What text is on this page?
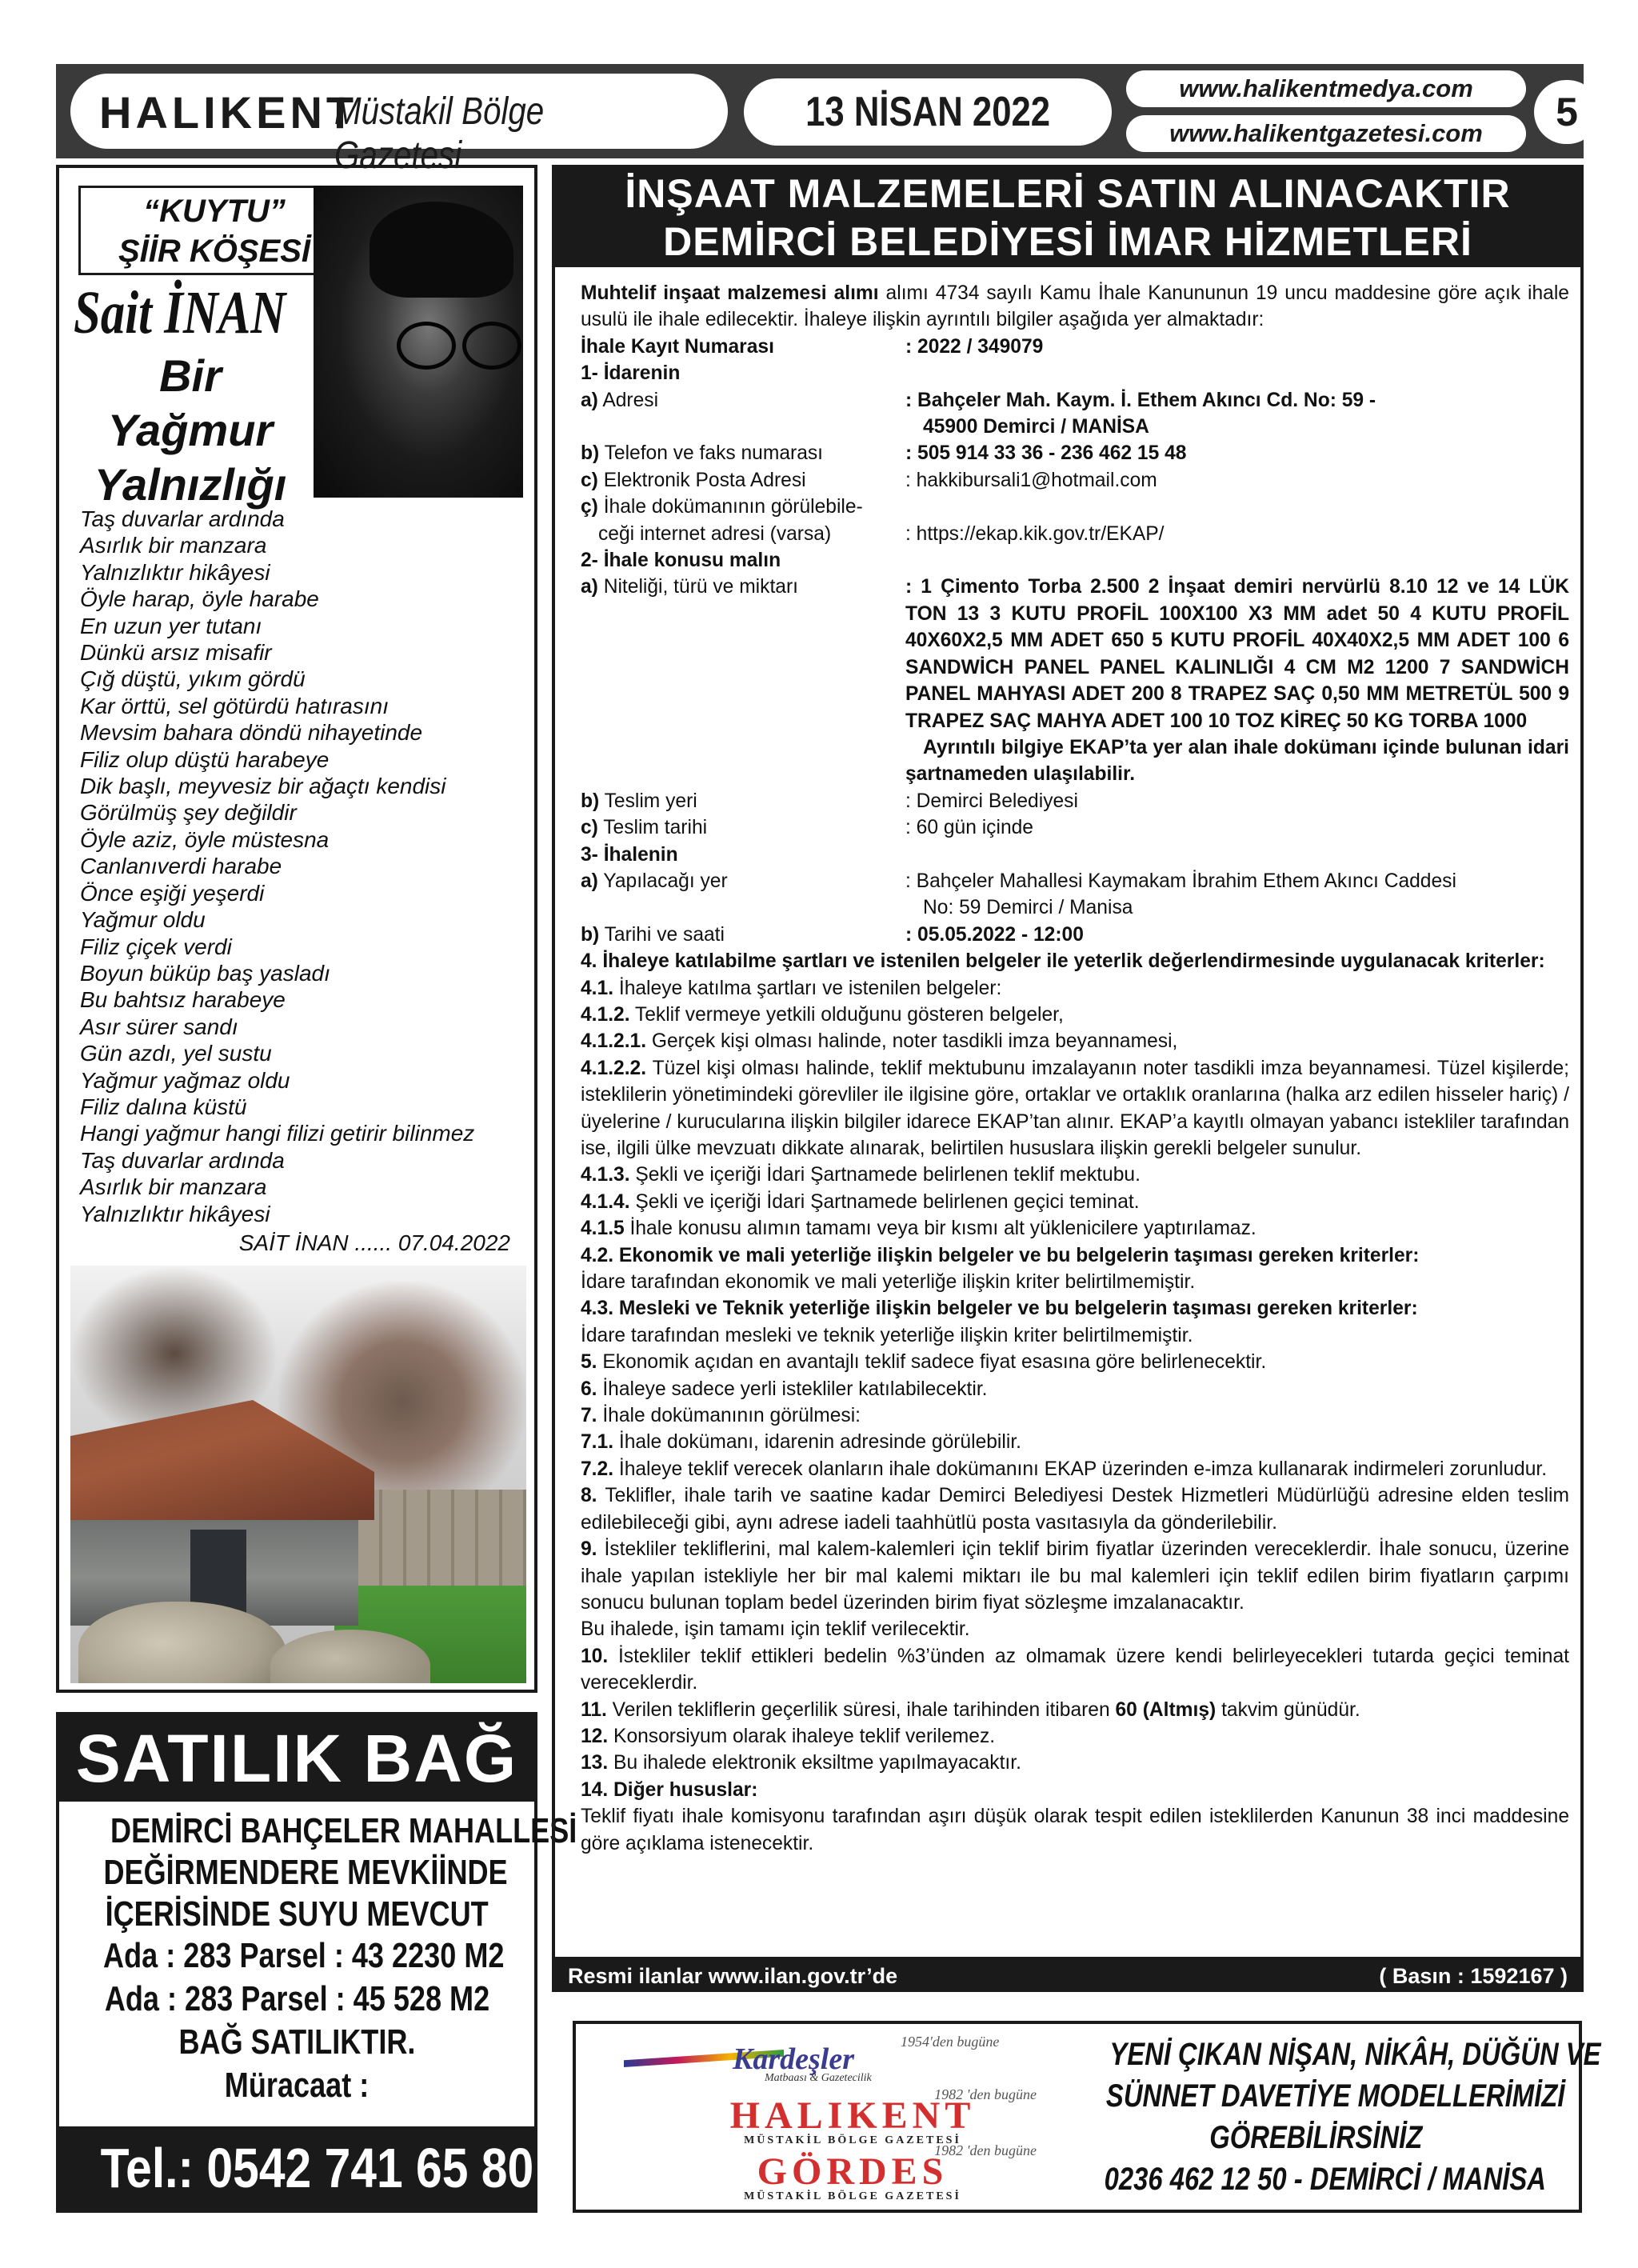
HALIKENT
Müstakil Bölge Gazetesi
13 NİSAN 2022
www.halikentmedya.com
www.halikentgazetesi.com	5
“KUYTU”
ŞİİR KÖŞESİ
Sait İNAN
Bir
Yağmur
Yalnızlığı
Taş duvarlar ardında
Asırlık bir manzara
Yalnızlıktır hikâyesi
Öyle harap, öyle harabe
En uzun yer tutanı
Dünkü arsız misafir
Çığ düştü, yıkım gördü
Kar örttü, sel götürdü hatırasını
Mevsim bahara döndü nihayetinde
Filiz olup düştü harabeye
Dik başlı, meyvesiz bir ağaçtı kendisi
Görülmüş şey değildir
Öyle aziz, öyle müstesna
Canlanıverdi harabe
Önce eşiği yeşerdi
Yağmur oldu
Filiz çiçek verdi
Boyun büküp baş yasladı
Bu bahtsız harabeye
Asır sürer sandı
Gün azdı, yel sustu
Yağmur yağmaz oldu
Filiz dalına küstü
Hangi yağmur hangi filizi getirir bilinmez
Taş duvarlar ardında
Asırlık bir manzara
Yalnızlıktır hikâyesi
SAİT İNAN ...... 07.04.2022
SATILIK BAĞ
DEMİRCİ BAHÇELER MAHALLESİ
DEĞİRMENDERE MEVKİİNDE
İÇERİSİNDE SUYU MEVCUT
Ada : 283 Parsel : 43 2230 M2
Ada : 283 Parsel : 45 528 M2
BAĞ SATILIKTIR.
Müracaat :
Tel.: 0542 741 65 80
İNŞAAT MALZEMELERİ SATIN ALINACAKTIR
DEMİRCİ BELEDİYESİ İMAR HİZMETLERİ

Muhtelif inşaat malzemesi alımı alımı 4734 sayılı Kamu İhale Kanununun 19 uncu maddesine göre açık ihale usulü ile ihale edilecektir. İhaleye ilişkin ayrıntılı bilgiler aşağıda yer almaktadır:

İhale Kayıt Numarası	: 2022 / 349079

1- İdarenin

a) Adresi	: Bahçeler Mah. Kaym. İ. Ethem Akıncı Cd. No: 59 -
45900 Demirci / MANİSA
b) Telefon ve faks numarası	: 505 914 33 36 - 236 462 15 48
c) Elektronik Posta Adresi	: hakkibursali1@hotmail.com
ç) İhale dokümanının görülebile-
ceği internet adresi (varsa)	: https://ekap.kik.gov.tr/EKAP/

2- İhale konusu malın

a) Niteliği, türü ve miktarı	: 1 Çimento Torba 2.500 2 İnşaat demiri nervürlü 8.10 12 ve 14 LÜK TON 13 3 KUTU PROFİL 100X100 X3 MM adet 50 4 KUTU PROFİL 40X60X2,5 MM ADET 650 5 KUTU PROFİL 40X40X2,5 MM ADET 100 6 SANDWİCH PANEL PANEL KALINLIĞI 4 CM M2 1200 7 SANDWİCH PANEL MAHYASI ADET 200 8 TRAPEZ SAÇ 0,50 MM METRETÜL 500 9 TRAPEZ SAÇ MAHYA ADET 100 10 TOZ KİREÇ 50 KG TORBA 1000
Ayrıntılı bilgiye EKAP’ta yer alan ihale dokümanı içinde bulunan idari şartnameden ulaşılabilir.
b) Teslim yeri	: Demirci Belediyesi
c) Teslim tarihi	: 60 gün içinde

3- İhalenin

a) Yapılacağı yer	: Bahçeler Mahallesi Kaymakam İbrahim Ethem Akıncı Caddesi
No: 59 Demirci / Manisa
b) Tarihi ve saati	: 05.05.2022 - 12:00

4. İhaleye katılabilme şartları ve istenilen belgeler ile yeterlik değerlendirmesinde uygulanacak kriterler:

4.1. İhaleye katılma şartları ve istenilen belgeler:

4.1.2. Teklif vermeye yetkili olduğunu gösteren belgeler,

4.1.2.1. Gerçek kişi olması halinde, noter tasdikli imza beyannamesi,

4.1.2.2. Tüzel kişi olması halinde, teklif mektubunu imzalayanın noter tasdikli imza beyannamesi. Tüzel kişilerde; isteklilerin yönetimindeki görevliler ile ilgisine göre, ortaklar ve ortaklık oranlarına (halka arz edilen hisseler hariç) / üyelerine / kurucularına ilişkin bilgiler idarece EKAP’tan alınır. EKAP’a kayıtlı olmayan yabancı istekliler tarafından ise, ilgili ülke mevzuatı dikkate alınarak, belirtilen hususlara ilişkin gerekli belgeler sunulur.

4.1.3. Şekli ve içeriği İdari Şartnamede belirlenen teklif mektubu.

4.1.4. Şekli ve içeriği İdari Şartnamede belirlenen geçici teminat.

4.1.5 İhale konusu alımın tamamı veya bir kısmı alt yüklenicilere yaptırılamaz.

4.2. Ekonomik ve mali yeterliğe ilişkin belgeler ve bu belgelerin taşıması gereken kriterler:

İdare tarafından ekonomik ve mali yeterliğe ilişkin kriter belirtilmemiştir.

4.3. Mesleki ve Teknik yeterliğe ilişkin belgeler ve bu belgelerin taşıması gereken kriterler:

İdare tarafından mesleki ve teknik yeterliğe ilişkin kriter belirtilmemiştir.

5. Ekonomik açıdan en avantajlı teklif sadece fiyat esasına göre belirlenecektir.

6. İhaleye sadece yerli istekliler katılabilecektir.

7. İhale dokümanının görülmesi:

7.1. İhale dokümanı, idarenin adresinde görülebilir.

7.2. İhaleye teklif verecek olanların ihale dokümanını EKAP üzerinden e-imza kullanarak indirmeleri zorunludur.

8. Teklifler, ihale tarih ve saatine kadar Demirci Belediyesi Destek Hizmetleri Müdürlüğü adresine elden teslim edilebileceği gibi, aynı adrese iadeli taahhütlü posta vasıtasıyla da gönderilebilir.

9. İstekliler tekliflerini, mal kalem-kalemleri için teklif birim fiyatlar üzerinden vereceklerdir. İhale sonucu, üzerine ihale yapılan istekliyle her bir mal kalemi miktarı ile bu mal kalemleri için teklif edilen birim fiyatların çarpımı sonucu bulunan toplam bedel üzerinden birim fiyat sözleşme imzalanacaktır.

Bu ihalede, işin tamamı için teklif verilecektir.

10. İstekliler teklif ettikleri bedelin %3’ünden az olmamak üzere kendi belirleyecekleri tutarda geçici teminat vereceklerdir.

11. Verilen tekliflerin geçerlilik süresi, ihale tarihinden itibaren 60 (Altmış) takvim günüdür.

12. Konsorsiyum olarak ihaleye teklif verilemez.

13. Bu ihalede elektronik eksiltme yapılmayacaktır.

14. Diğer hususlar:

Teklif fiyatı ihale komisyonu tarafından aşırı düşük olarak tespit edilen isteklilerden Kanunun 38 inci maddesine göre açıklama istenecektir.

Resmi ilanlar www.ilan.gov.tr’de	( Basın : 1592167 )
Kardeşler
1954'den bugüne
Matbaası & Gazetecilik
1982 'den bugüne
HALIKENT
MÜSTAKİL BÖLGE GAZETESİ
1982 'den bugüne
GÖRDES
MÜSTAKİL BÖLGE GAZETESİ
YENİ ÇIKAN NİŞAN, NİKÂH, DÜĞÜN VE
SÜNNET DAVETİYE MODELLERİMİZİ
GÖREBİLİRSİNİZ
0236 462 12 50 - DEMİRCİ / MANİSA
